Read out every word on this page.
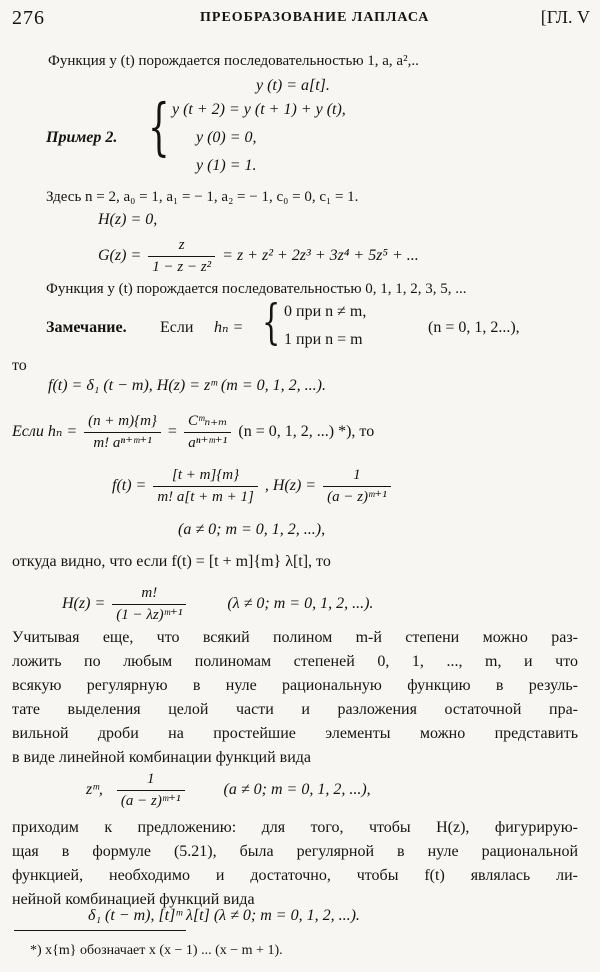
276	ПРЕОБРАЗОВАНИЕ ЛАПЛАСА	[ГЛ. V
Функция y (t) порождается последовательностью 1, a, a²,..
y (t) = a[t].
Пример 2. { y (t + 2) = y (t + 1) + y (t),
y (0) = 0,
y (1) = 1.
Здесь n = 2, a₀ = 1, a₁ = − 1, a₂ = − 1, c₀ = 0, c₁ = 1.
H(z) = 0,
$G(z) = \frac{z}{\text{1 − z − z²}} = z + z^2 + 2z^3 + 3z^4 + 5z^5$ + ...
Функция y (t) порождается последовательностью 0, 1, 1, 2, 3, 5, ...
Замечание. Если hₙ = { 0 при n ≠ m,
1 при n = m
(n = 0, 1, 2...),
то
f(t) = δ₁ (t − m), H(z) = zᵐ (m = 0, 1, 2, ...).
Если $h_n = \frac{(n + m)\{m\}}{\text{m! aⁿ⁺ᵐ⁺¹}} = \frac{\text{Cᵐₙ₊ₘ}}{\text{aⁿ⁺ᵐ⁺¹}} (n = 0$, 1, 2, ...) *), то
$f(t) = \frac{[t + m]\{m\}}{m! a[t + m + 1]}$ , $H(z) = \frac{1}{\text{(a − z)ᵐ⁺¹}}$
(a ≠ 0; m = 0, 1, 2, ...),
откуда видно, что если f(t) = [t + m]{m} λ[t], то
$H(z) = \frac{m!}{\text{(1 − λz)ᵐ⁺¹}}$	(λ ≠ 0; m = 0, 1, 2, ...).
Учитывая еще, что всякий полином m-й степени можно раз-
ложить по любым полиномам степеней 0, 1, ..., m, и что
всякую регулярную в нуле рациональную функцию в резуль-
тате выделения целой части и разложения остаточной пра-
вильной дроби на простейшие элементы можно представить
в виде линейной комбинации функций вида
zᵐ, $\frac{1}{\text{(a − z)ᵐ⁺¹}} (a \ne 0$; m = 0, 1, 2, ...),
приходим к предложению: для того, чтобы H(z), фигурирую-
щая в формуле (5.21), была регулярной в нуле рациональной
функцией, необходимо и достаточно, чтобы f(t) являлась ли-
нейной комбинацией функций вида
δ₁ (t − m), [t]ᵐ λ[t] (λ ≠ 0; m = 0, 1, 2, ...).
*) x{m} обозначает x (x − 1) ... (x − m + 1).
